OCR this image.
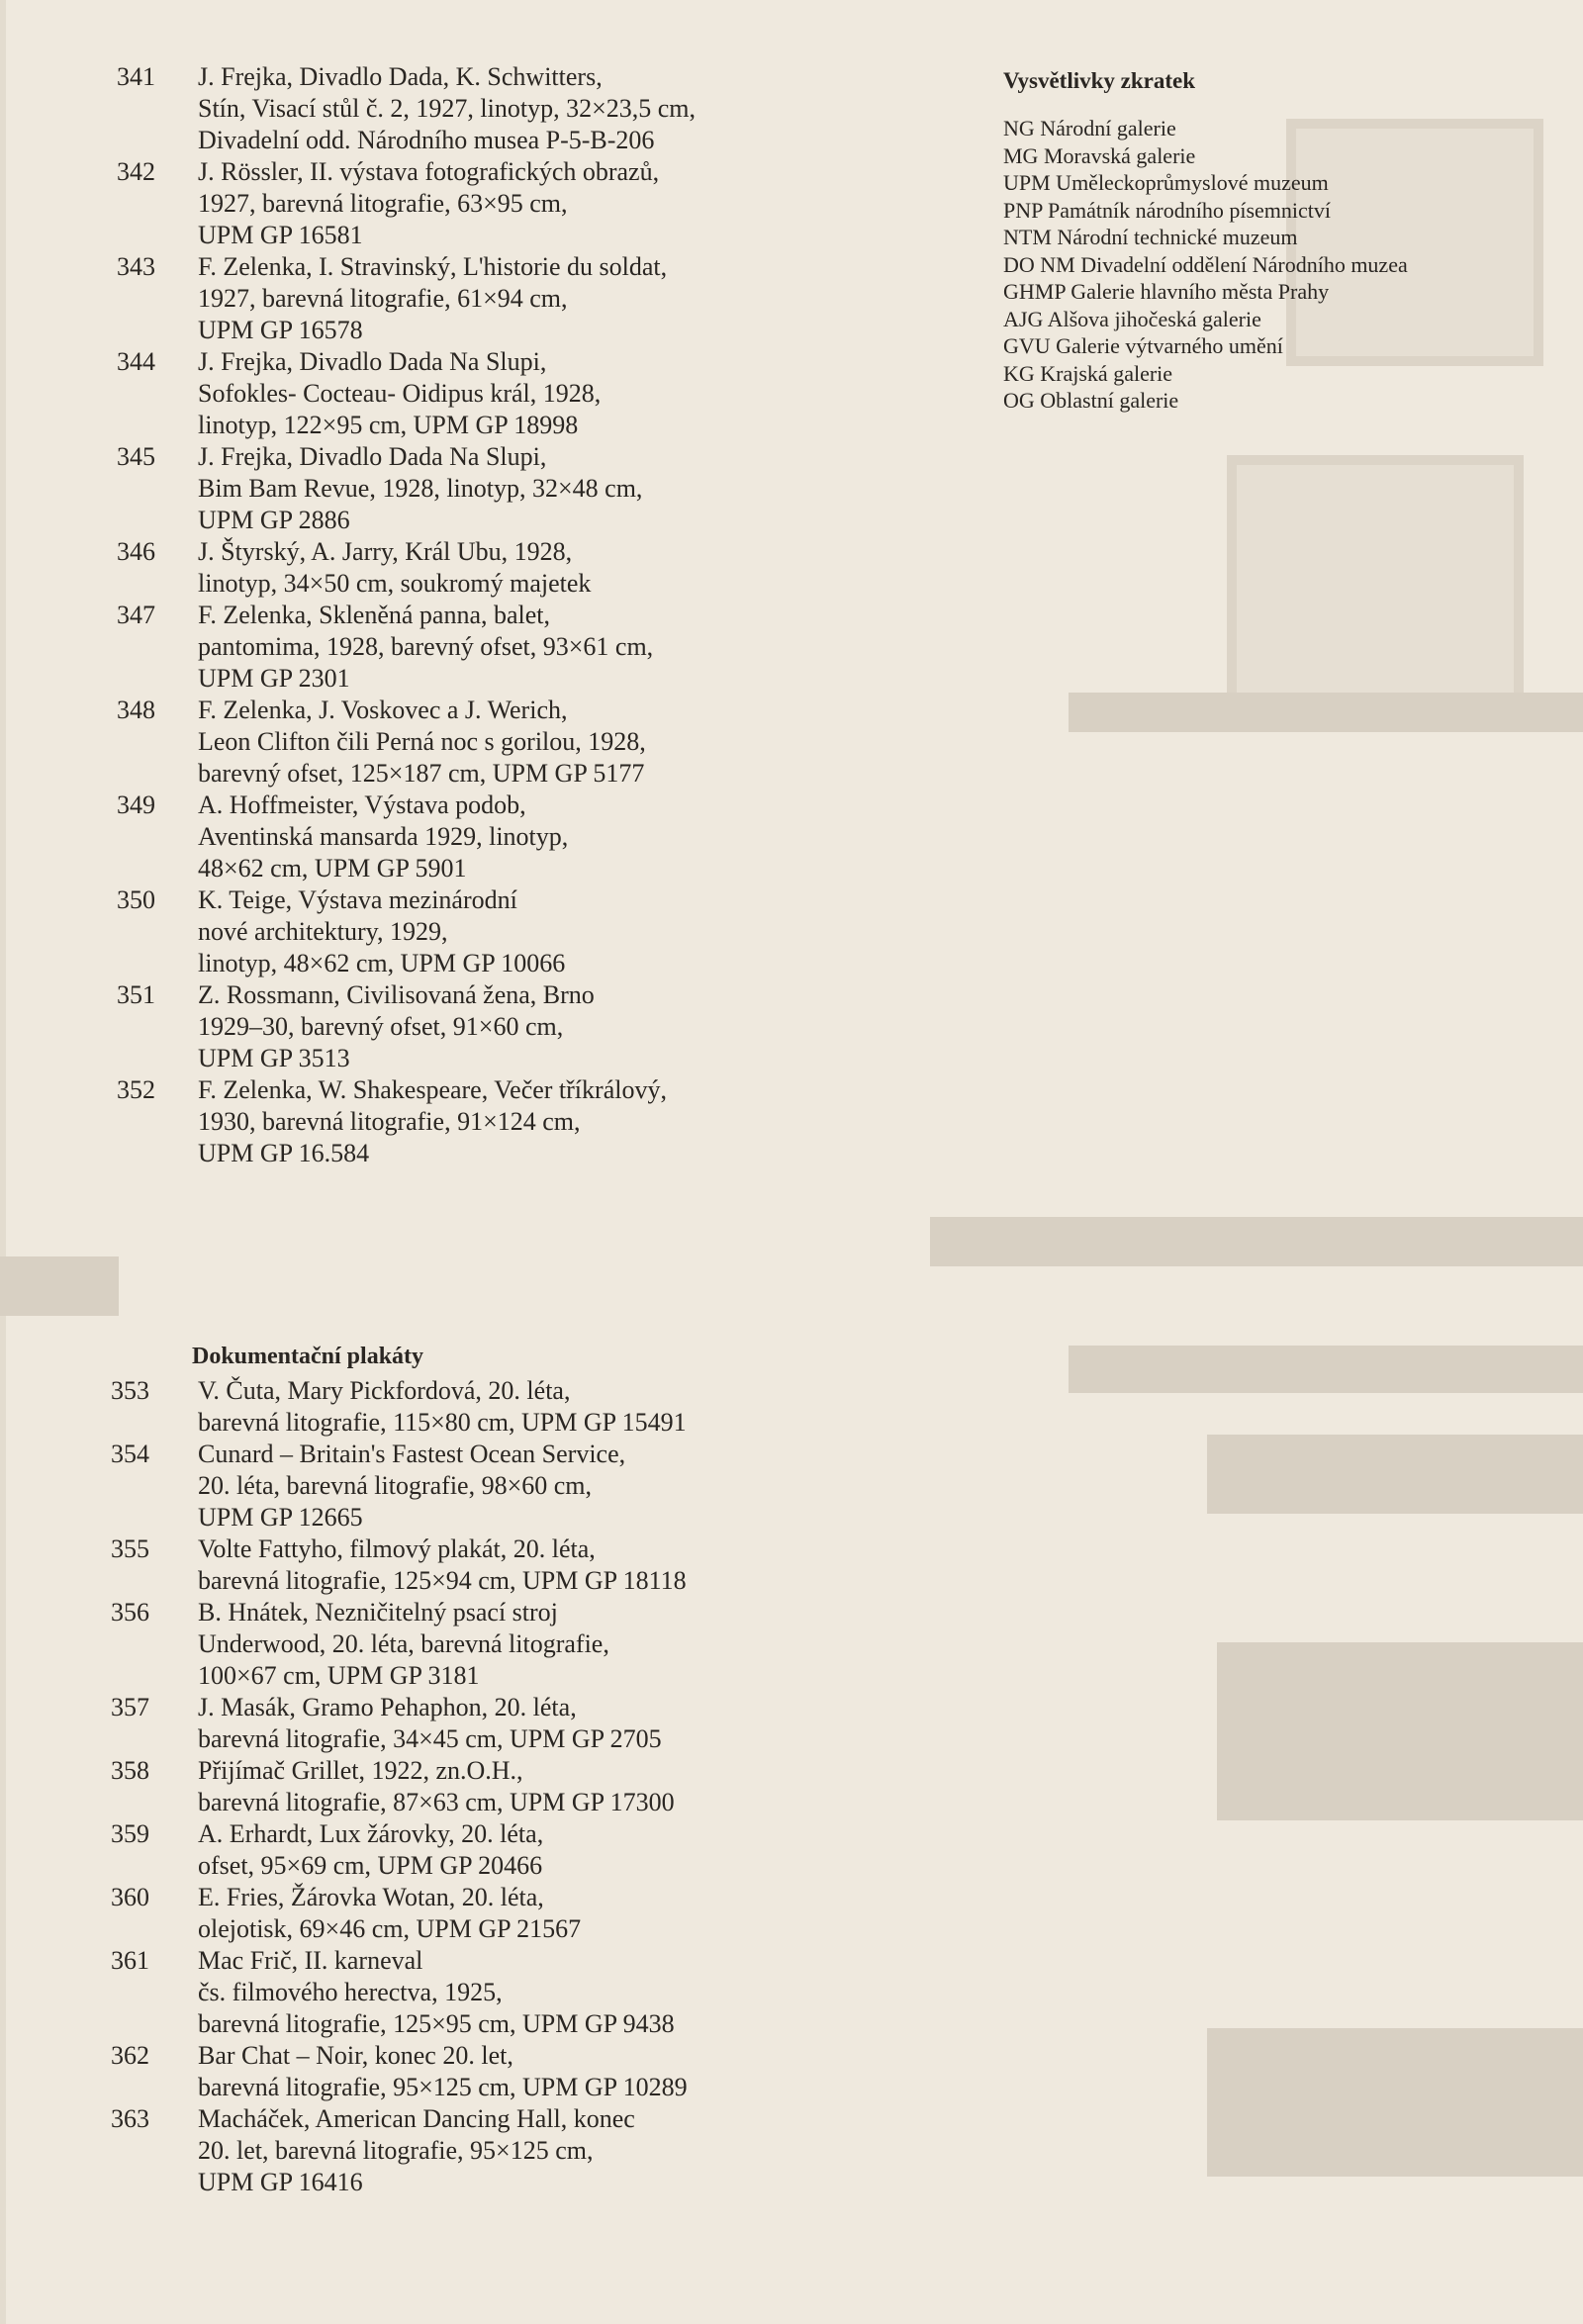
341	J. Frejka, Divadlo Dada, K. Schwitters,
Stín, Visací stůl č. 2, 1927, linotyp, 32×23,5 cm,
Divadelní odd. Národního musea P-5-B-206
342	J. Rössler, II. výstava fotografických obrazů,
1927, barevná litografie, 63×95 cm,
UPM GP 16581
343	F. Zelenka, I. Stravinský, L'historie du soldat,
1927, barevná litografie, 61×94 cm,
UPM GP 16578
344	J. Frejka, Divadlo Dada Na Slupi,
Sofokles- Cocteau- Oidipus král, 1928,
linotyp, 122×95 cm, UPM GP 18998
345	J. Frejka, Divadlo Dada Na Slupi,
Bim Bam Revue, 1928, linotyp, 32×48 cm,
UPM GP 2886
346	J. Štyrský, A. Jarry, Král Ubu, 1928,
linotyp, 34×50 cm, soukromý majetek
347	F. Zelenka, Skleněná panna, balet,
pantomima, 1928, barevný ofset, 93×61 cm,
UPM GP 2301
348	F. Zelenka, J. Voskovec a J. Werich,
Leon Clifton čili Perná noc s gorilou, 1928,
barevný ofset, 125×187 cm, UPM GP 5177
349	A. Hoffmeister, Výstava podob,
Aventinská mansarda 1929, linotyp,
48×62 cm, UPM GP 5901
350	K. Teige, Výstava mezinárodní
nové architektury, 1929,
linotyp, 48×62 cm, UPM GP 10066
351	Z. Rossmann, Civilisovaná žena, Brno
1929–30, barevný ofset, 91×60 cm,
UPM GP 3513
352	F. Zelenka, W. Shakespeare, Večer tříkrálový,
1930, barevná litografie, 91×124 cm,
UPM GP 16.584
Dokumentační plakáty
353	V. Čuta, Mary Pickfordová, 20. léta,
barevná litografie, 115×80 cm, UPM GP 15491
354	Cunard – Britain's Fastest Ocean Service,
20. léta, barevná litografie, 98×60 cm,
UPM GP 12665
355	Volte Fattyho, filmový plakát, 20. léta,
barevná litografie, 125×94 cm, UPM GP 18118
356	B. Hnátek, Nezničitelný psací stroj
Underwood, 20. léta, barevná litografie,
100×67 cm, UPM GP 3181
357	J. Masák, Gramo Pehaphon, 20. léta,
barevná litografie, 34×45 cm, UPM GP 2705
358	Přijímač Grillet, 1922, zn.O.H.,
barevná litografie, 87×63 cm, UPM GP 17300
359	A. Erhardt, Lux žárovky, 20. léta,
ofset, 95×69 cm, UPM GP 20466
360	E. Fries, Žárovka Wotan, 20. léta,
olejotisk, 69×46 cm, UPM GP 21567
361	Mac Frič, II. karneval
čs. filmového herectva, 1925,
barevná litografie, 125×95 cm, UPM GP 9438
362	Bar Chat – Noir, konec 20. let,
barevná litografie, 95×125 cm, UPM GP 10289
363	Macháček, American Dancing Hall, konec
20. let, barevná litografie, 95×125 cm,
UPM GP 16416
Vysvětlivky zkratek
NG Národní galerie
MG Moravská galerie
UPM Uměleckoprůmyslové muzeum
PNP Památník národního písemnictví
NTM Národní technické muzeum
DO NM Divadelní oddělení Národního muzea
GHMP Galerie hlavního města Prahy
AJG Alšova jihočeská galerie
GVU Galerie výtvarného umění
KG Krajská galerie
OG Oblastní galerie
